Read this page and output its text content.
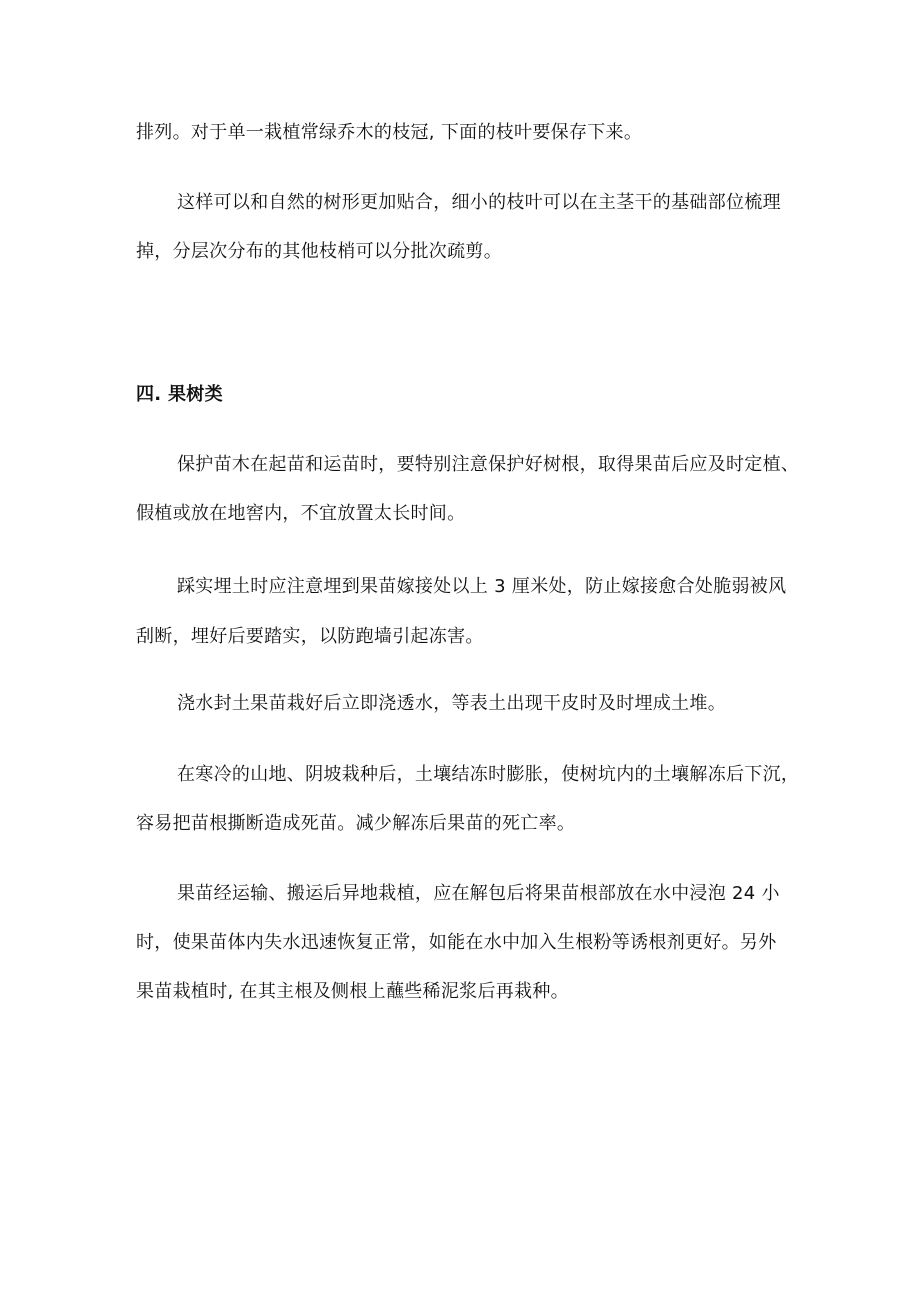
排列。对于单一栽植常绿乔木的枝冠, 下面的枝叶要保存下来。
这样可以和自然的树形更加贴合，细小的枝叶可以在主茎干的基础部位梳理
掉，分层次分布的其他枝梢可以分批次疏剪。
四. 果树类
保护苗木在起苗和运苗时，要特别注意保护好树根，取得果苗后应及时定植、
假植或放在地窖内，不宜放置太长时间。
踩实埋土时应注意埋到果苗嫁接处以上 3 厘米处，防止嫁接愈合处脆弱被风
刮断，埋好后要踏实，以防跑墙引起冻害。
浇水封土果苗栽好后立即浇透水，等表土出现干皮时及时埋成土堆。
在寒冷的山地、阴坡栽种后，土壤结冻时膨胀，使树坑内的土壤解冻后下沉，
容易把苗根撕断造成死苗。减少解冻后果苗的死亡率。
果苗经运输、搬运后异地栽植，应在解包后将果苗根部放在水中浸泡 24 小
时，使果苗体内失水迅速恢复正常，如能在水中加入生根粉等诱根剂更好。另外
果苗栽植时, 在其主根及侧根上蘸些稀泥浆后再栽种。
